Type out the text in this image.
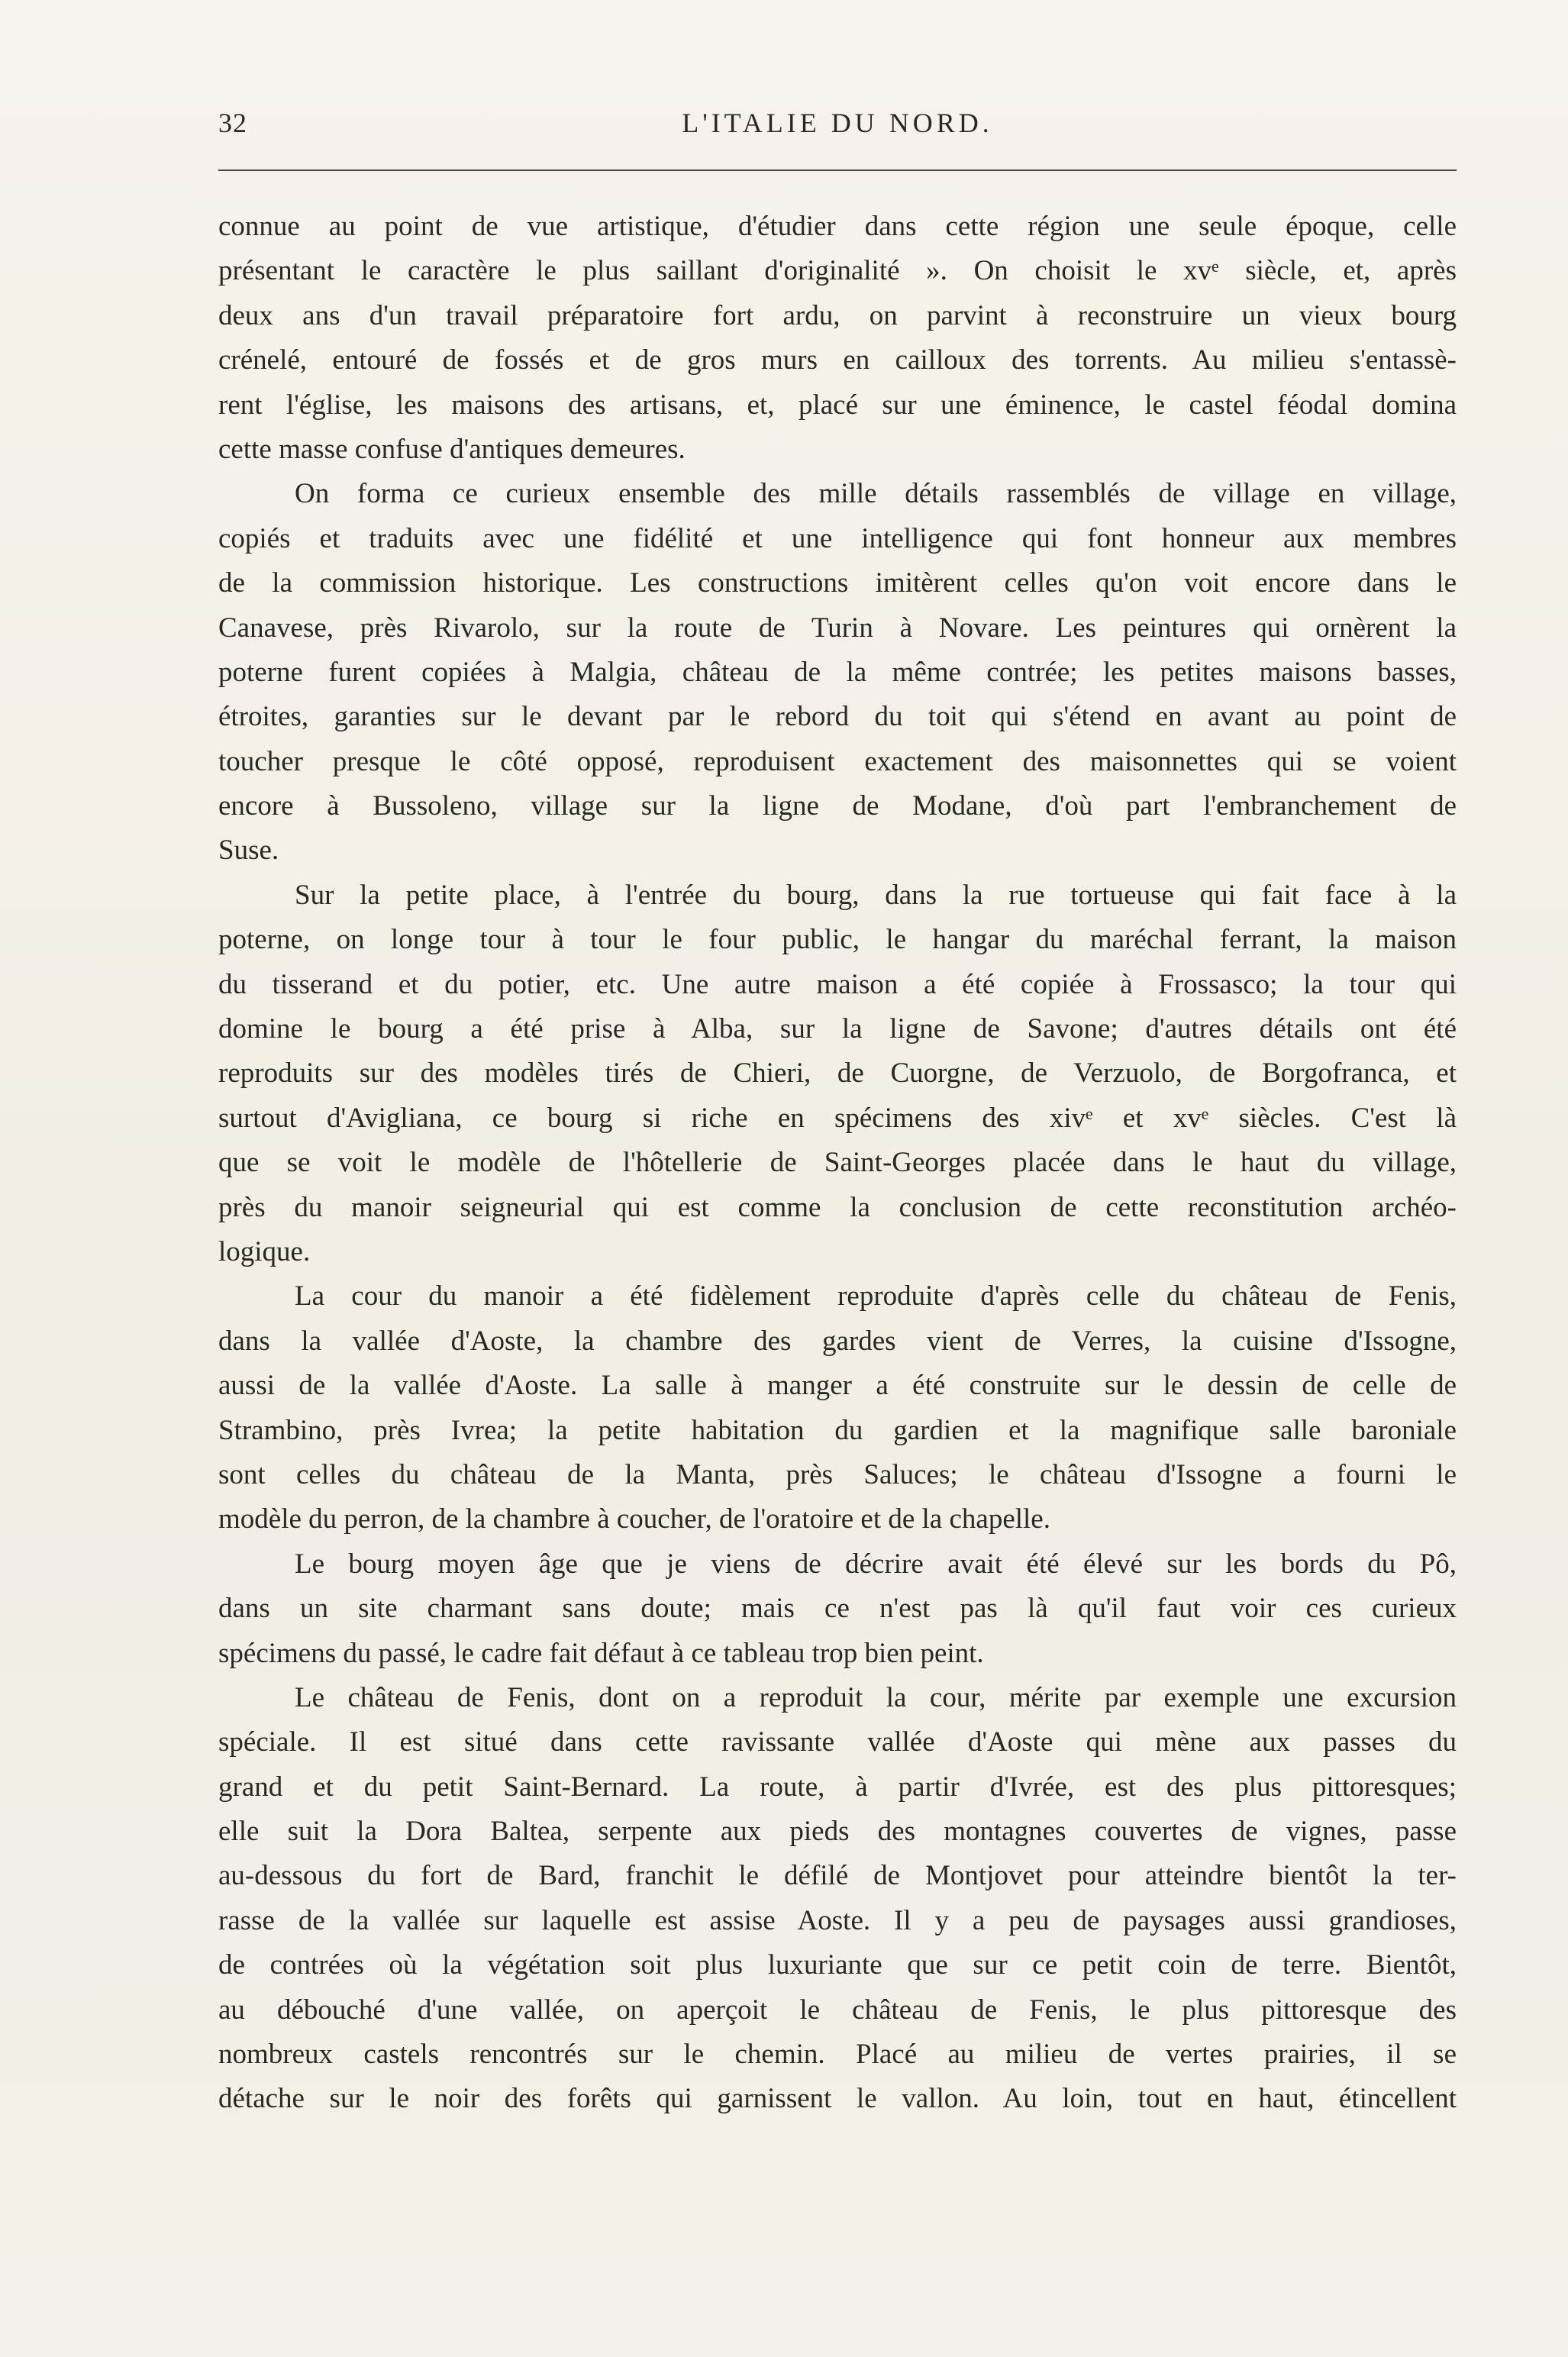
32	L'ITALIE DU NORD.
connue au point de vue artistique, d'étudier dans cette région une seule époque, celle
présentant le caractère le plus saillant d'originalité ». On choisit le xvᵉ siècle, et, après
deux ans d'un travail préparatoire fort ardu, on parvint à reconstruire un vieux bourg
crénelé, entouré de fossés et de gros murs en cailloux des torrents. Au milieu s'entassè-
rent l'église, les maisons des artisans, et, placé sur une éminence, le castel féodal domina
cette masse confuse d'antiques demeures.
On forma ce curieux ensemble des mille détails rassemblés de village en village,
copiés et traduits avec une fidélité et une intelligence qui font honneur aux membres
de la commission historique. Les constructions imitèrent celles qu'on voit encore dans le
Canavese, près Rivarolo, sur la route de Turin à Novare. Les peintures qui ornèrent la
poterne furent copiées à Malgia, château de la même contrée; les petites maisons basses,
étroites, garanties sur le devant par le rebord du toit qui s'étend en avant au point de
toucher presque le côté opposé, reproduisent exactement des maisonnettes qui se voient
encore à Bussoleno, village sur la ligne de Modane, d'où part l'embranchement de
Suse.
Sur la petite place, à l'entrée du bourg, dans la rue tortueuse qui fait face à la
poterne, on longe tour à tour le four public, le hangar du maréchal ferrant, la maison
du tisserand et du potier, etc. Une autre maison a été copiée à Frossasco; la tour qui
domine le bourg a été prise à Alba, sur la ligne de Savone; d'autres détails ont été
reproduits sur des modèles tirés de Chieri, de Cuorgne, de Verzuolo, de Borgofranca, et
surtout d'Avigliana, ce bourg si riche en spécimens des xivᵉ et xvᵉ siècles. C'est là
que se voit le modèle de l'hôtellerie de Saint-Georges placée dans le haut du village,
près du manoir seigneurial qui est comme la conclusion de cette reconstitution archéo-
logique.
La cour du manoir a été fidèlement reproduite d'après celle du château de Fenis,
dans la vallée d'Aoste, la chambre des gardes vient de Verres, la cuisine d'Issogne,
aussi de la vallée d'Aoste. La salle à manger a été construite sur le dessin de celle de
Strambino, près Ivrea; la petite habitation du gardien et la magnifique salle baroniale
sont celles du château de la Manta, près Saluces; le château d'Issogne a fourni le
modèle du perron, de la chambre à coucher, de l'oratoire et de la chapelle.
Le bourg moyen âge que je viens de décrire avait été élevé sur les bords du Pô,
dans un site charmant sans doute; mais ce n'est pas là qu'il faut voir ces curieux
spécimens du passé, le cadre fait défaut à ce tableau trop bien peint.
Le château de Fenis, dont on a reproduit la cour, mérite par exemple une excursion
spéciale. Il est situé dans cette ravissante vallée d'Aoste qui mène aux passes du
grand et du petit Saint-Bernard. La route, à partir d'Ivrée, est des plus pittoresques;
elle suit la Dora Baltea, serpente aux pieds des montagnes couvertes de vignes, passe
au-dessous du fort de Bard, franchit le défilé de Montjovet pour atteindre bientôt la ter-
rasse de la vallée sur laquelle est assise Aoste. Il y a peu de paysages aussi grandioses,
de contrées où la végétation soit plus luxuriante que sur ce petit coin de terre. Bientôt,
au débouché d'une vallée, on aperçoit le château de Fenis, le plus pittoresque des
nombreux castels rencontrés sur le chemin. Placé au milieu de vertes prairies, il se
détache sur le noir des forêts qui garnissent le vallon. Au loin, tout en haut, étincellent
